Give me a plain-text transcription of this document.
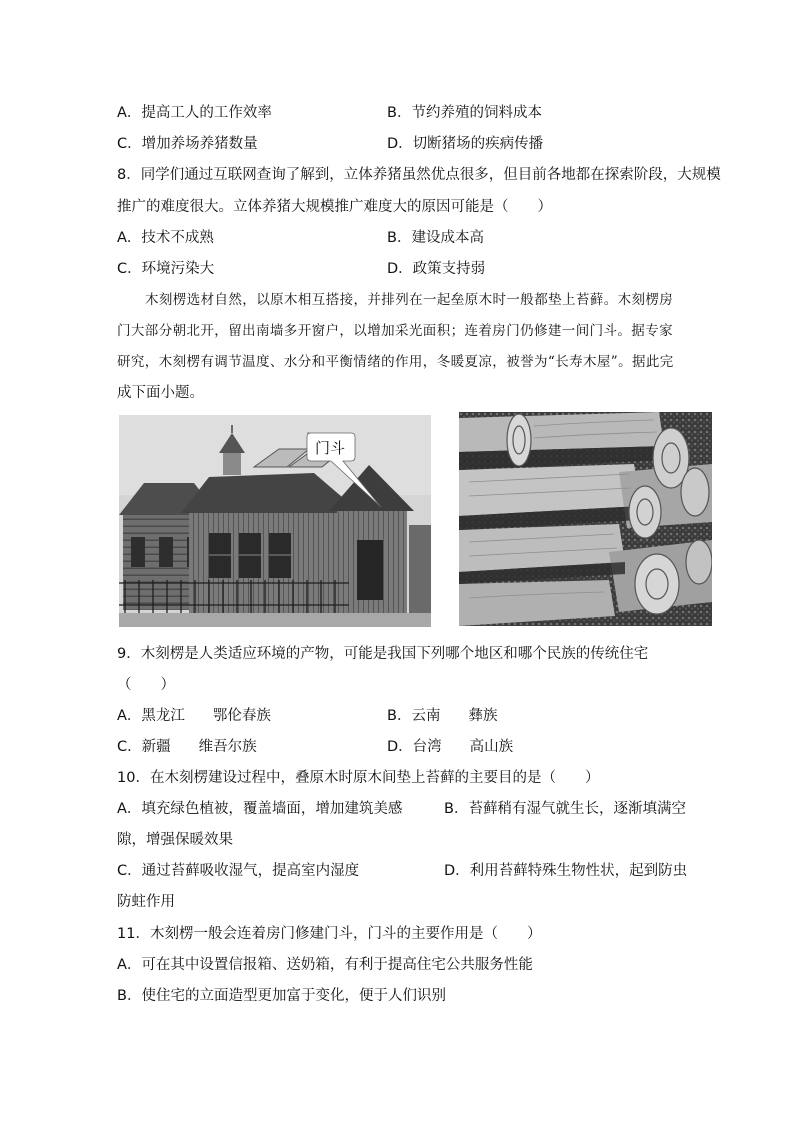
A．提高工人的工作效率	B．节约养殖的饲料成本
C．增加养场养猪数量	D．切断猪场的疾病传播
8．同学们通过互联网查询了解到，立体养猪虽然优点很多，但目前各地都在探索阶段，大规模
推广的难度很大。立体养猪大规模推广难度大的原因可能是（　　）
A．技术不成熟	B．建设成本高
C．环境污染大	D．政策支持弱
木刻楞选材自然，以原木相互搭接，并排列在一起垒原木时一般都垫上苔藓。木刻楞房
门大部分朝北开，留出南墙多开窗户，以增加采光面积；连着房门仍修建一间门斗。据专家
研究，木刻楞有调节温度、水分和平衡情绪的作用，冬暖夏凉，被誉为“长寿木屋”。据此完
成下面小题。
门斗
9．木刻楞是人类适应环境的产物，可能是我国下列哪个地区和哪个民族的传统住宅
（　　）
A．黑龙江 鄂伦春族	B．云南 彝族
C．新疆 维吾尔族	D．台湾 高山族
10．在木刻楞建设过程中，叠原木时原木间垫上苔藓的主要目的是（　　）
A．填充绿色植被，覆盖墙面，增加建筑美感	B．苔藓稍有湿气就生长，逐渐填满空
隙，增强保暖效果
C．通过苔藓吸收湿气，提高室内湿度	D．利用苔藓特殊生物性状，起到防虫
防蛀作用
11．木刻楞一般会连着房门修建门斗，门斗的主要作用是（　　）
A．可在其中设置信报箱、送奶箱，有利于提高住宅公共服务性能
B．使住宅的立面造型更加富于变化，便于人们识别
